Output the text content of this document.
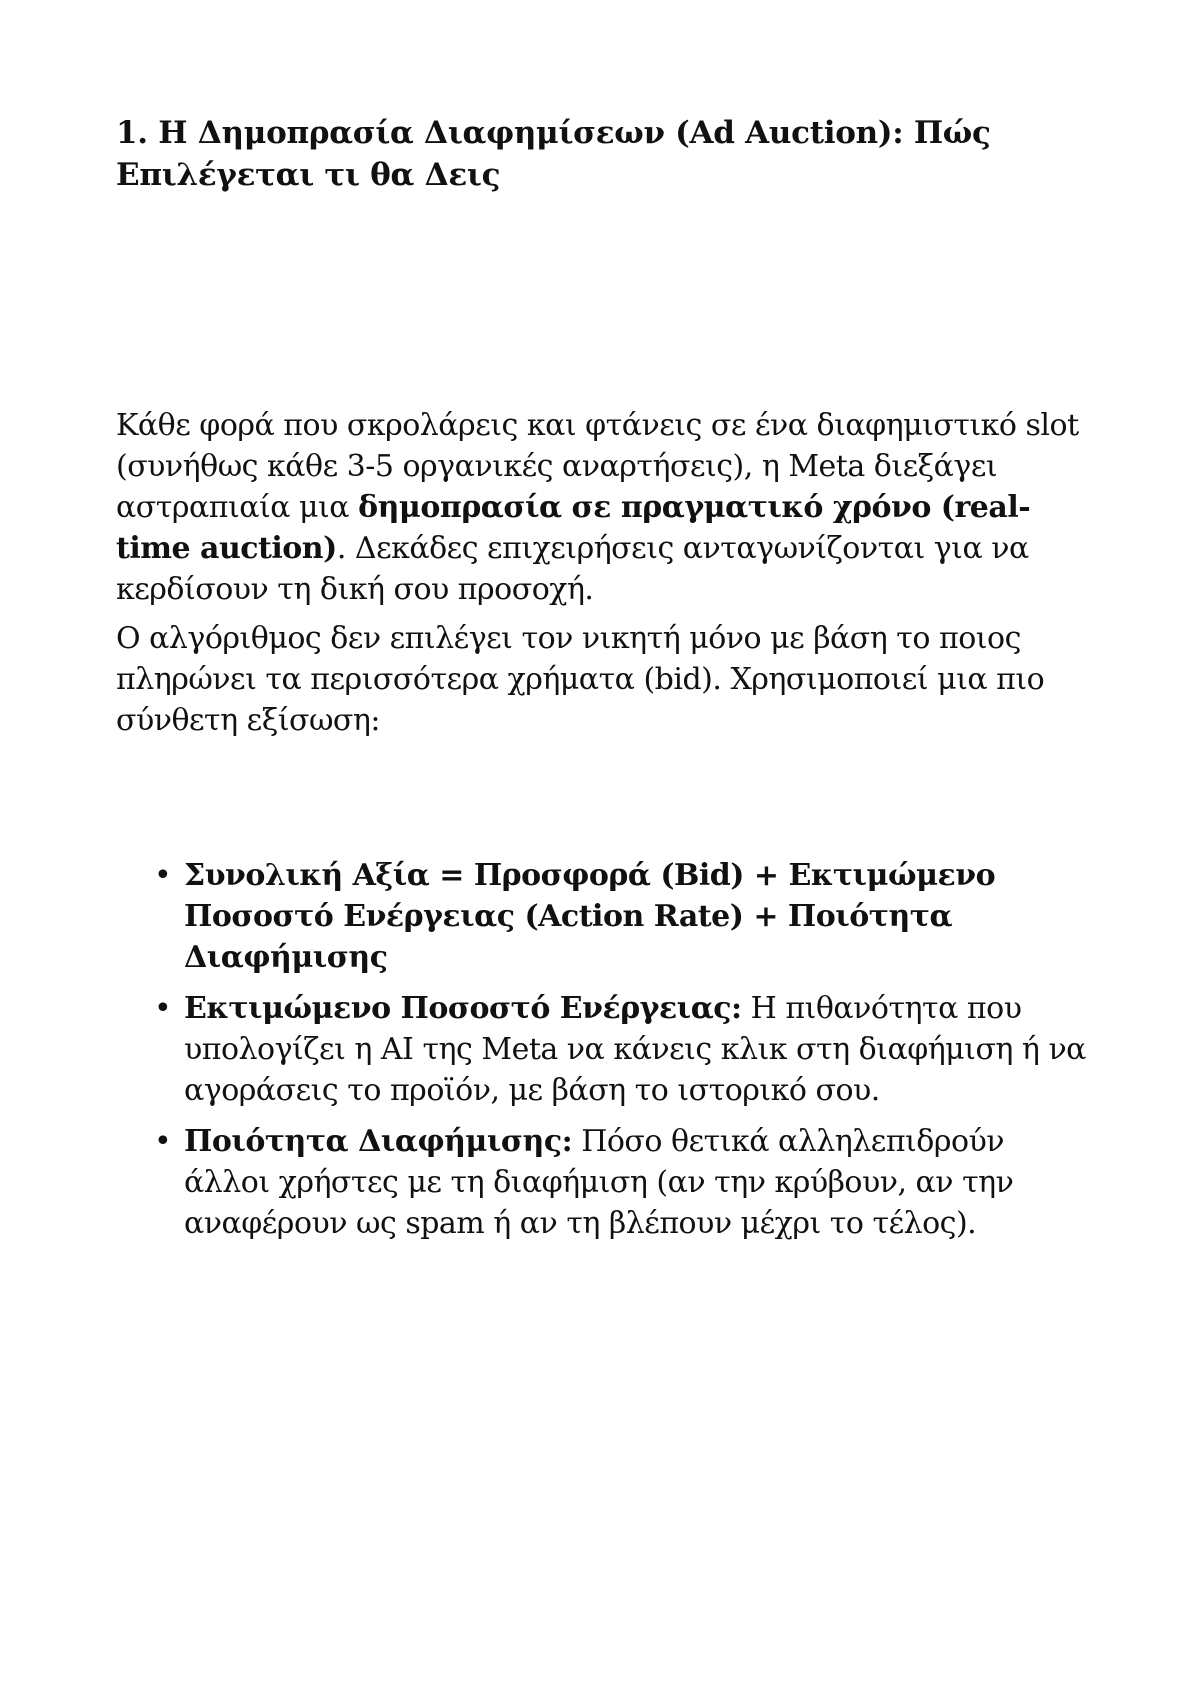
1. Η Δημοπρασία Διαφημίσεων (Ad Auction): Πώς Επιλέγεται τι θα Δεις

Κάθε φορά που σκρολάρεις και φτάνεις σε ένα διαφημιστικό slot (συνήθως κάθε 3-5 οργανικές αναρτήσεις), η Meta διεξάγει αστραπιαία μια δημοπρασία σε πραγματικό χρόνο (real-time auction). Δεκάδες επιχειρήσεις ανταγωνίζονται για να κερδίσουν τη δική σου προσοχή.

Ο αλγόριθμος δεν επιλέγει τον νικητή μόνο με βάση το ποιος πληρώνει τα περισσότερα χρήματα (bid). Χρησιμοποιεί μια πιο σύνθετη εξίσωση:

• Συνολική Αξία = Προσφορά (Bid) + Εκτιμώμενο Ποσοστό Ενέργειας (Action Rate) + Ποιότητα Διαφήμισης
• Εκτιμώμενο Ποσοστό Ενέργειας: Η πιθανότητα που υπολογίζει η AI της Meta να κάνεις κλικ στη διαφήμιση ή να αγοράσεις το προϊόν, με βάση το ιστορικό σου.
• Ποιότητα Διαφήμισης: Πόσο θετικά αλληλεπιδρούν άλλοι χρήστες με τη διαφήμιση (αν την κρύβουν, αν την αναφέρουν ως spam ή αν τη βλέπουν μέχρι το τέλος).
